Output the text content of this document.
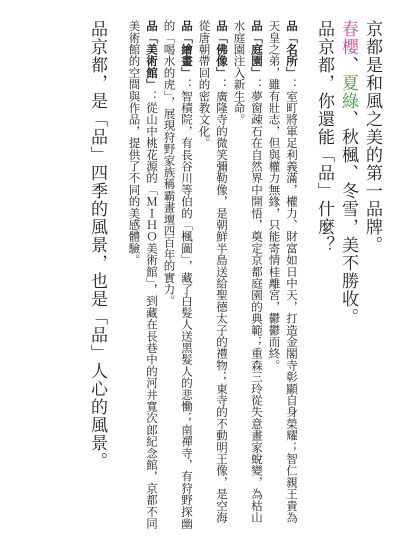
京都是和風之美的第一品牌。

春櫻、夏綠、秋楓、冬雪，美不勝收。

品京都，你還能「品」什麼？

品「名所」：室町將軍足利義滿，權力、財富如日中天，打造金閣寺彰顯自身榮耀；智仁親王貴為天皇之弟，雖有壯志，但與權力無緣，只能寄情桂離宮，鬱鬱而終。

品「庭園」：夢窗疎石在自然界中開悟，奠定京都庭園的典範；重森三玲從失意畫家蛻變，為枯山水庭園注入新生命。

品「佛像」：廣隆寺的微笑彌勒像，是朝鮮半島送給聖德太子的禮物；東寺的不動明王像，是空海從唐朝帶回的密教文化。

品「繪畫」：智積院，有長谷川等伯的「楓圖」，藏了白髮人送黑髮人的悲慟；南禪寺，有狩野探幽的「喝水的虎」，展現狩野家族稱霸畫壇四百年的實力。

品「美術館」：從山中桃花源的「ＭＩＨＯ美術館」，到藏在長巷中的河井寬次郎紀念館，京都不同美術館的空間與作品，提供了不同的美感體驗。

品京都，是「品」四季的風景，也是「品」人心的風景。
